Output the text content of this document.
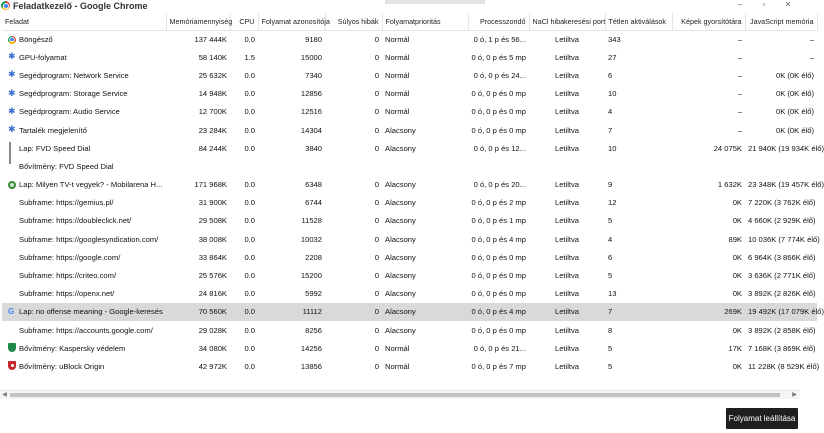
Feladatkezelő - Google Chrome	–	▫	✕
Feladat	Memóriamennyiség	CPU	Folyamat azonosítója	Súlyos hibák	Folyamatprioritás	Processzoridő	NaCl hibakeresési port	Tétlen aktiválások	Képek gyorsítótára	JavaScript memória

Böngésző	137 444K	0.0	9180	0	Normál	0 ó, 1 p és 56...	Letiltva	343	–	–

✱ GPU-folyamat	58 140K	1.5	15000	0	Normál	0 ó, 0 p és 5 mp	Letiltva	27	–	–

✱ Segédprogram: Network Service	25 632K	0.0	7340	0	Normál	0 ó, 0 p és 24...	Letiltva	6	–	0K (0K élő)

✱ Segédprogram: Storage Service	14 948K	0.0	12856	0	Normál	0 ó, 0 p és 0 mp	Letiltva	10	–	0K (0K élő)

✱ Segédprogram: Audio Service	12 700K	0.0	12516	0	Normál	0 ó, 0 p és 0 mp	Letiltva	4	–	0K (0K élő)

✱ Tartalék megjelenítő	23 284K	0.0	14304	0	Alacsony	0 ó, 0 p és 0 mp	Letiltva	7	–	0K (0K élő)

Lap: FVD Speed Dial	84 244K	0.0	3840	0	Alacsony	0 ó, 0 p és 12...	Letiltva	10	24 075K	21 940K (19 934K élő)

Bővítmény: FVD Speed Dial										

Lap: Milyen TV-t vegyek? - Mobilarena H...	171 968K	0.0	6348	0	Alacsony	0 ó, 0 p és 20...	Letiltva	9	1 632K	23 348K (19 457K élő)

Subframe: https://gemius.pl/	31 900K	0.0	6744	0	Alacsony	0 ó, 0 p és 2 mp	Letiltva	12	0K	7 220K (3 762K élő)

Subframe: https://doubleclick.net/	29 508K	0.0	11528	0	Alacsony	0 ó, 0 p és 1 mp	Letiltva	5	0K	4 660K (2 929K élő)

Subframe: https://googlesyndication.com/	38 008K	0.0	10032	0	Alacsony	0 ó, 0 p és 4 mp	Letiltva	4	89K	10 036K (7 774K élő)

Subframe: https://google.com/	33 864K	0.0	2208	0	Alacsony	0 ó, 0 p és 0 mp	Letiltva	6	0K	6 964K (3 866K élő)

Subframe: https://criteo.com/	25 576K	0.0	15200	0	Alacsony	0 ó, 0 p és 0 mp	Letiltva	5	0K	3 636K (2 771K élő)

Subframe: https://openx.net/	24 816K	0.0	5992	0	Alacsony	0 ó, 0 p és 0 mp	Letiltva	13	0K	3 892K (2 826K élő)

G Lap: no offense meaning - Google-keresés	70 560K	0.0	11112	0	Alacsony	0 ó, 0 p és 4 mp	Letiltva	7	269K	19 492K (17 079K élő)

Subframe: https://accounts.google.com/	29 028K	0.0	8256	0	Alacsony	0 ó, 0 p és 0 mp	Letiltva	8	0K	3 892K (2 858K élő)

Bővítmény: Kaspersky védelem	34 080K	0.0	14256	0	Normál	0 ó, 0 p és 21...	Letiltva	5	17K	7 168K (3 869K élő)

Bővítmény: uBlock Origin	42 972K	0.0	13856	0	Normál	0 ó, 0 p és 7 mp	Letiltva	5	0K	11 228K (8 529K élő)
◀	▶
Folyamat leállítása
